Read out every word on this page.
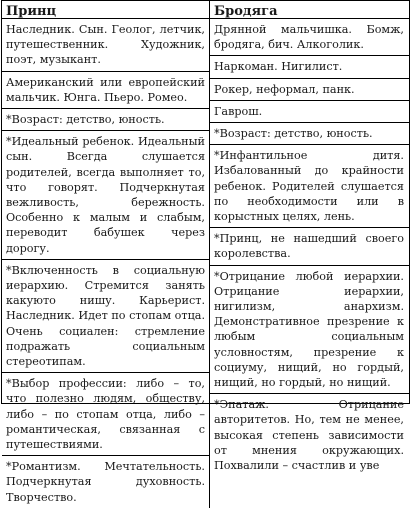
Принц
Наследник. Сын. Геолог, летчик, путешественник. Художник, поэт, музыкант.
Американский или европейский мальчик. Юнга. Пьеро. Ромео.
*Возраст: детство, юность.
*Идеальный ребенок. Идеальный сын. Всегда слушается родителей, всегда выполняет то, что говорят. Подчеркнутая вежливость, бережность. Особенно к малым и слабым, переводит бабушек через дорогу.
*Включенность в социальную иерархию. Стремится занять какуюто нишу. Карьерист. Наследник. Идет по стопам отца. Очень социален: стремление подражать социальным стереотипам.
*Выбор профессии: либо – то, что полезно людям, обществу, либо – по стопам отца, либо – романтическая, связанная с путешествиями.
*Романтизм. Мечтательность. Подчеркнутая духовность. Творчество.
Бродяга
Дрянной мальчишка. Бомж, бродяга, бич. Алкоголик.
Наркоман. Нигилист.
Рокер, неформал, панк.
Гаврош.
*Возраст: детство, юность.
*Инфантильное дитя. Избалованный до крайности ребенок. Родителей слушается по необходимости или в корыстных целях, лень.
*Принц, не нашедший своего королевства.
*Отрицание любой иерархии. Отрицание иерархии, нигилизм, анархизм. Демонстративное презрение к любым социальным условностям, презрение к социуму, нищий, но гордый, нищий, но гордый, но нищий.
*Эпатаж. Отрицание авторитетов. Но, тем не менее, высокая степень зависимости от мнения окружающих. Похвалили – счастлив и уве
